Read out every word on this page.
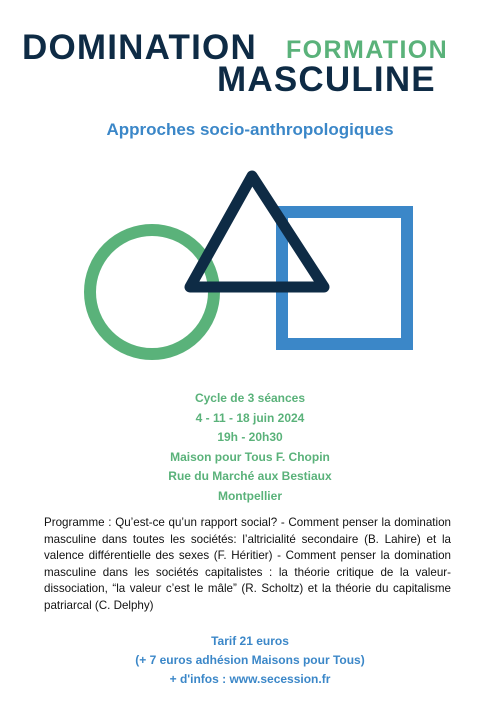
DOMINATION FORMATION
MASCULINE
Approches socio-anthropologiques
Cycle de 3 séances
4 - 11 - 18 juin 2024
19h - 20h30
Maison pour Tous F. Chopin
Rue du Marché aux Bestiaux
Montpellier
Programme : Qu’est-ce qu’un rapport social? - Comment penser la domination masculine dans toutes les sociétés: l’altricialité secondaire (B. Lahire) et la valence différentielle des sexes (F. Héritier) - Comment penser la domination masculine dans les sociétés capitalistes : la théorie critique de la valeur-dissociation, “la valeur c’est le mâle” (R. Scholtz) et la théorie du capitalisme patriarcal (C. Delphy)
Tarif 21 euros
(+ 7 euros adhésion Maisons pour Tous)
+ d'infos : www.secession.fr
